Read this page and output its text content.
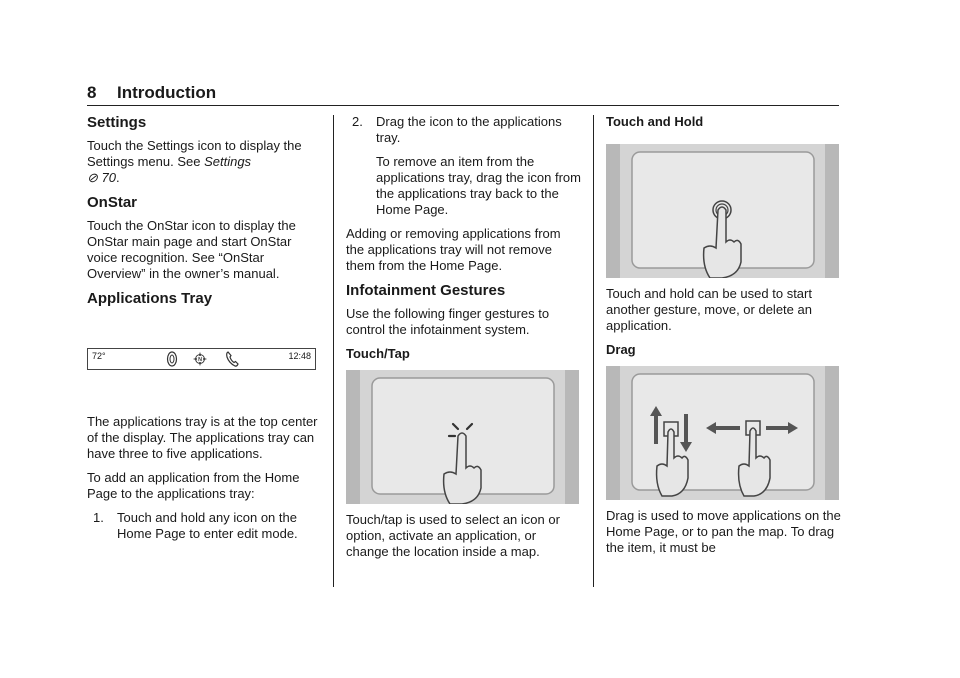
8 Introduction
Settings

Touch the Settings icon to display the Settings menu. See Settings
⊘ 70.

OnStar

Touch the OnStar icon to display the OnStar main page and start OnStar voice recognition. See “OnStar Overview” in the owner’s manual.

Applications Tray
72°	N	12:48

The applications tray is at the top center of the display. The applications tray can have three to five applications.

To add an application from the Home Page to the applications tray:

1. Touch and hold any icon on the Home Page to enter edit mode.
2. Drag the icon to the applications tray.

To remove an item from the applications tray, drag the icon from the applications tray back to the Home Page.

Adding or removing applications from the applications tray will not remove them from the Home Page.

Infotainment Gestures

Use the following finger gestures to control the infotainment system.

Touch/Tap

Touch/tap is used to select an icon or option, activate an application, or change the location inside a map.

Touch and Hold

Touch and hold can be used to start another gesture, move, or delete an application.

Drag

Drag is used to move applications on the Home Page, or to pan the map. To drag the item, it must be
